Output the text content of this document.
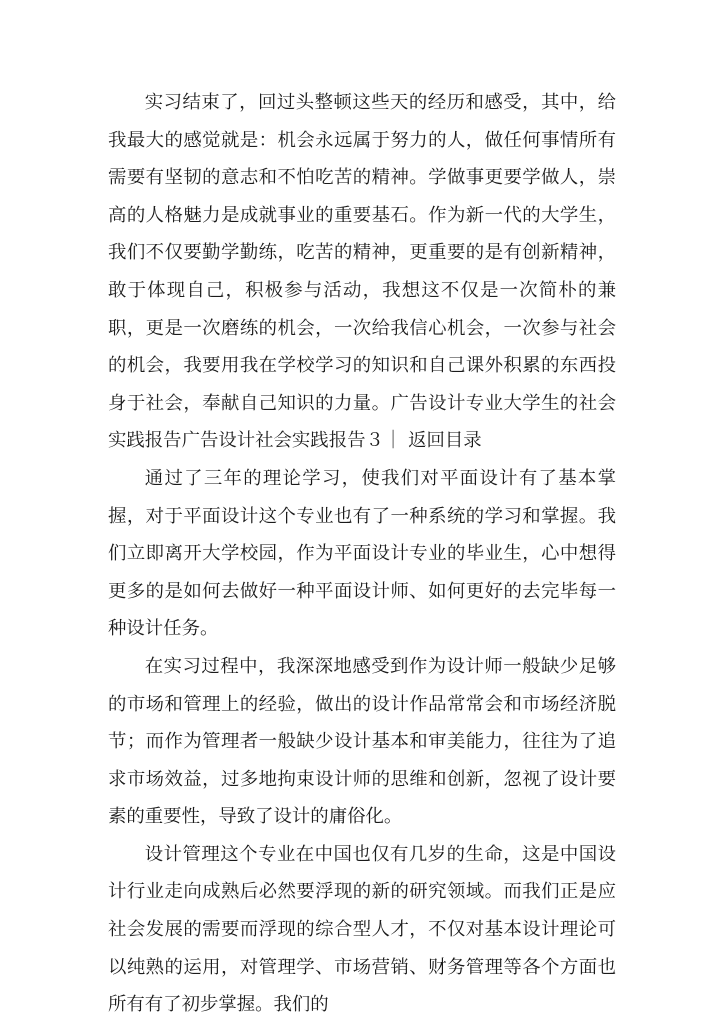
实习结束了，回过头整顿这些天的经历和感受，其中，给我最大的感觉就是：机会永远属于努力的人，做任何事情所有需要有坚韧的意志和不怕吃苦的精神。学做事更要学做人，崇高的人格魅力是成就事业的重要基石。作为新一代的大学生，我们不仅要勤学勤练，吃苦的精神，更重要的是有创新精神，敢于体现自己，积极参与活动，我想这不仅是一次简朴的兼职，更是一次磨练的机会，一次给我信心机会，一次参与社会的机会，我要用我在学校学习的知识和自己课外积累的东西投身于社会，奉献自己知识的力量。广告设计专业大学生的社会实践报告广告设计社会实践报告３｜ 返回目录

通过了三年的理论学习，使我们对平面设计有了基本掌握，对于平面设计这个专业也有了一种系统的学习和掌握。我们立即离开大学校园，作为平面设计专业的毕业生，心中想得更多的是如何去做好一种平面设计师、如何更好的去完毕每一种设计任务。

在实习过程中，我深深地感受到作为设计师一般缺少足够的市场和管理上的经验，做出的设计作品常常会和市场经济脱节；而作为管理者一般缺少设计基本和审美能力，往往为了追求市场效益，过多地拘束设计师的思维和创新，忽视了设计要素的重要性，导致了设计的庸俗化。

设计管理这个专业在中国也仅有几岁的生命，这是中国设计行业走向成熟后必然要浮现的新的研究领域。而我们正是应社会发展的需要而浮现的综合型人才，不仅对基本设计理论可以纯熟的运用，对管理学、市场营销、财务管理等各个方面也所有有了初步掌握。我们的
